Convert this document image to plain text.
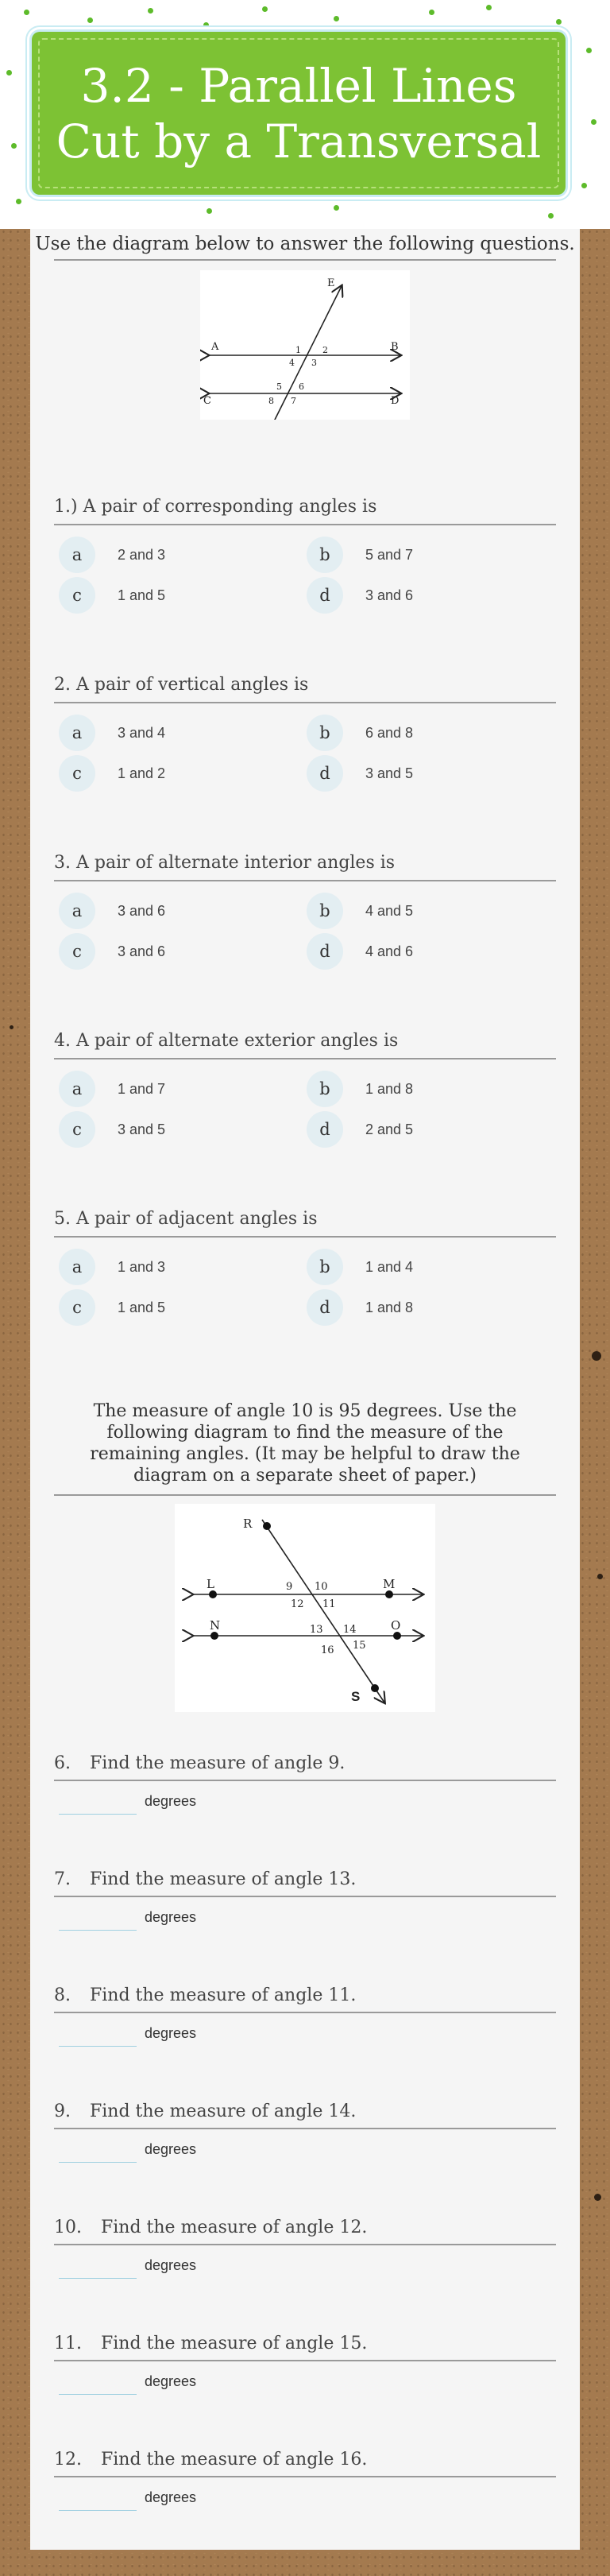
3.2 - Parallel Lines Cut by a Transversal
Use the diagram below to answer the following questions.
E
A	B
C	D
1 2
3
4
5 6
7
8
1.) A pair of corresponding angles is
a	2 and 3	b	5 and 7
c	1 and 5	d	3 and 6
2. A pair of vertical angles is
a	3 and 4	b	6 and 8
c	1 and 2	d	3 and 5
3. A pair of alternate interior angles is
a	3 and 6	b	4 and 5
c	3 and 6	d	4 and 6
4. A pair of alternate exterior angles is
a	1 and 7	b	1 and 8
c	3 and 5	d	2 and 5
5. A pair of adjacent angles is
a	1 and 3	b	1 and 4
c	1 and 5	d	1 and 8
The measure of angle 10 is 95 degrees. Use the following diagram to find the measure of the remaining angles. (It may be helpful to draw the diagram on a separate sheet of paper.)
R
L	M
N	O
S
9 10
11
12
13 14
15
16
6. Find the measure of angle 9.
degrees
7. Find the measure of angle 13.
degrees
8. Find the measure of angle 11.
degrees
9. Find the measure of angle 14.
degrees
10. Find the measure of angle 12.
degrees
11. Find the measure of angle 15.
degrees
12. Find the measure of angle 16.
degrees
